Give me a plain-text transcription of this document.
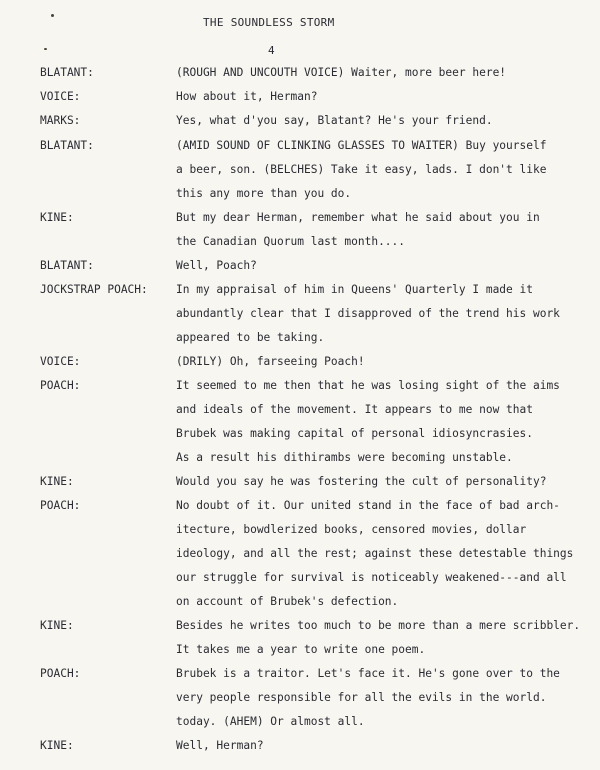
THE SOUNDLESS STORM
4
BLATANT:	(ROUGH AND UNCOUTH VOICE) Waiter, more beer here!
VOICE:	How about it, Herman?
MARKS:	Yes, what d'you say, Blatant? He's your friend.
BLATANT:	(AMID SOUND OF CLINKING GLASSES TO WAITER) Buy yourself
a beer, son. (BELCHES) Take it easy, lads. I don't like
this any more than you do.
KINE:	But my dear Herman, remember what he said about you in
the Canadian Quorum last month....
BLATANT:	Well, Poach?
JOCKSTRAP POACH:	In my appraisal of him in Queens' Quarterly I made it
abundantly clear that I disapproved of the trend his work
appeared to be taking.
VOICE:	(DRILY) Oh, farseeing Poach!
POACH:	It seemed to me then that he was losing sight of the aims
and ideals of the movement. It appears to me now that
Brubek was making capital of personal idiosyncrasies.
As a result his dithirambs were becoming unstable.
KINE:	Would you say he was fostering the cult of personality?
POACH:	No doubt of it. Our united stand in the face of bad arch-
itecture, bowdlerized books, censored movies, dollar
ideology, and all the rest; against these detestable things
our struggle for survival is noticeably weakened---and all
on account of Brubek's defection.
KINE:	Besides he writes too much to be more than a mere scribbler.
It takes me a year to write one poem.
POACH:	Brubek is a traitor. Let's face it. He's gone over to the
very people responsible for all the evils in the world.
today. (AHEM) Or almost all.
KINE:	Well, Herman?
